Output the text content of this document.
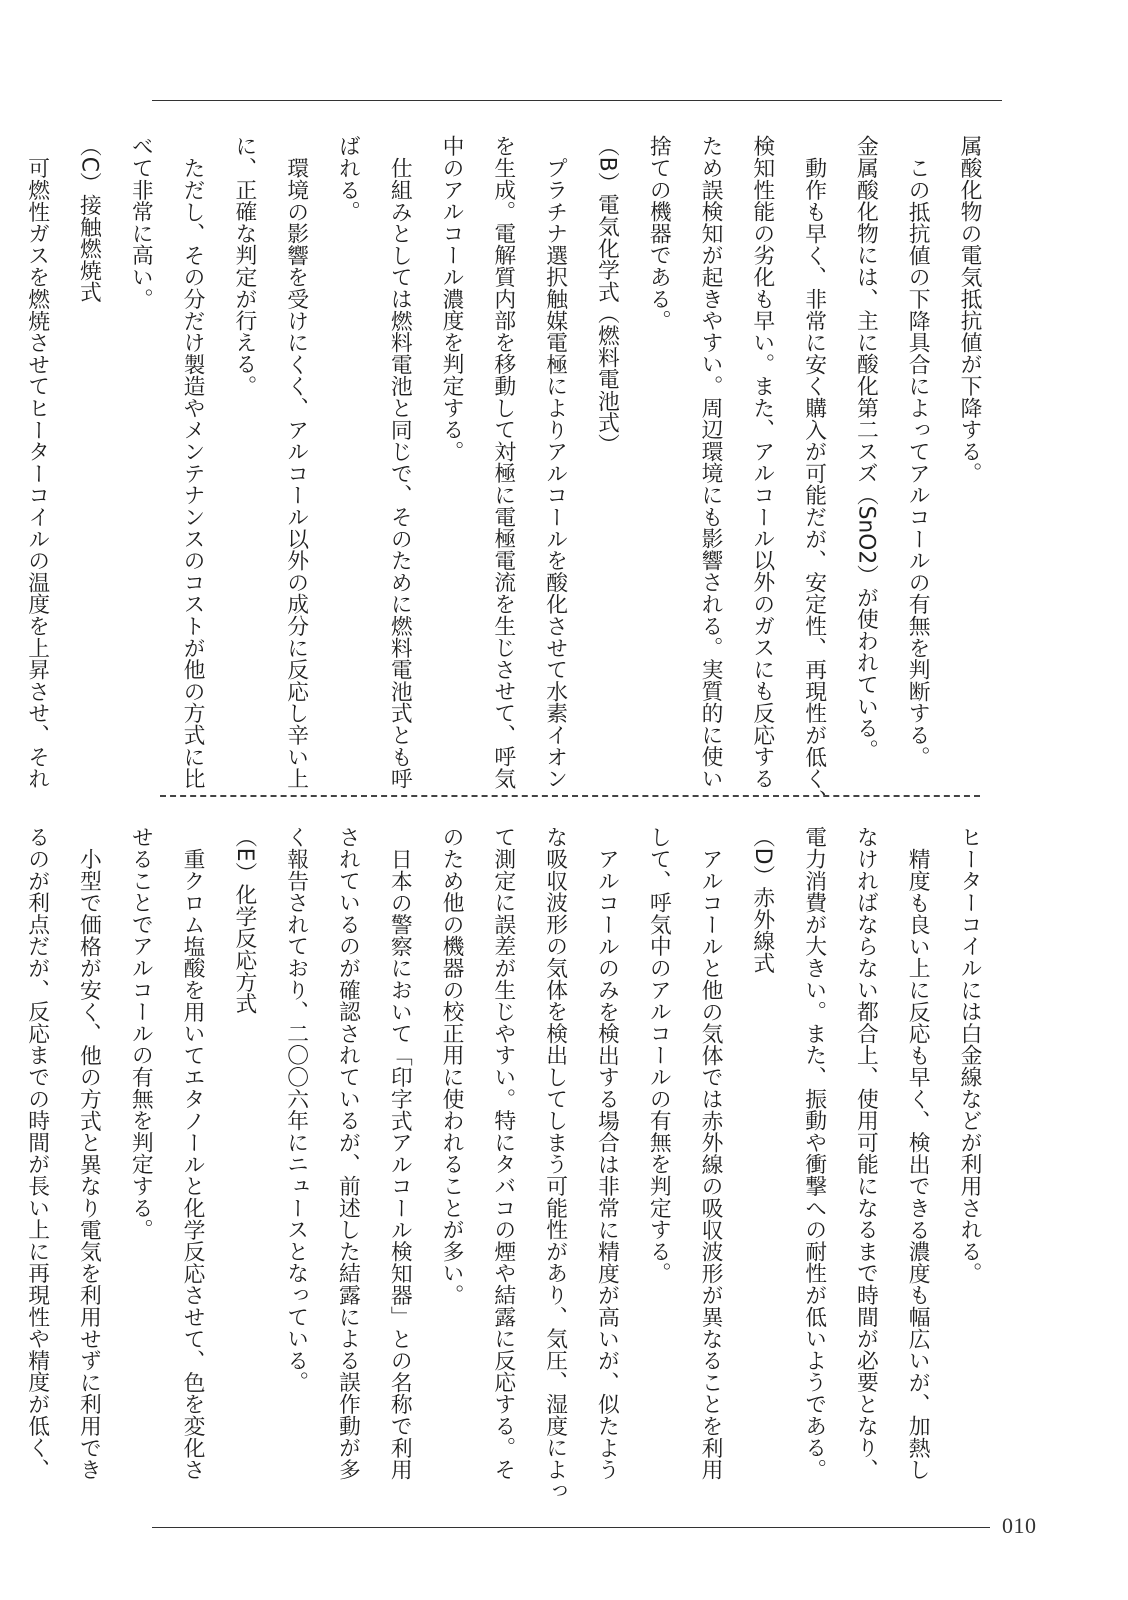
属酸化物の電気抵抗値が下降する。
この抵抗値の下降具合によってアルコールの有無を判断する。
金属酸化物には、主に酸化第二スズ（SnO2）が使われている。
動作も早く、非常に安く購入が可能だが、安定性、再現性が低く、
検知性能の劣化も早い。また、アルコール以外のガスにも反応する
ため誤検知が起きやすい。周辺環境にも影響される。実質的に使い
捨ての機器である。
（B）電気化学式（燃料電池式）
プラチナ選択触媒電極によりアルコールを酸化させて水素イオン
を生成。電解質内部を移動して対極に電極電流を生じさせて、呼気
中のアルコール濃度を判定する。
仕組みとしては燃料電池と同じで、そのために燃料電池式とも呼
ばれる。
環境の影響を受けにくく、アルコール以外の成分に反応し辛い上
に、正確な判定が行える。
ただし、その分だけ製造やメンテナンスのコストが他の方式に比
べて非常に高い。
（C）接触燃焼式
可燃性ガスを燃焼させてヒーターコイルの温度を上昇させ、それ
ヒーターコイルには白金線などが利用される。
精度も良い上に反応も早く、検出できる濃度も幅広いが、加熱し
なければならない都合上、使用可能になるまで時間が必要となり、
電力消費が大きい。また、振動や衝撃への耐性が低いようである。
（D）赤外線式
アルコールと他の気体では赤外線の吸収波形が異なることを利用
して、呼気中のアルコールの有無を判定する。
アルコールのみを検出する場合は非常に精度が高いが、似たよう
な吸収波形の気体を検出してしまう可能性があり、気圧、湿度によっ
て測定に誤差が生じやすい。特にタバコの煙や結露に反応する。そ
のため他の機器の校正用に使われることが多い。
日本の警察において「印字式アルコール検知器」との名称で利用
されているのが確認されているが、前述した結露による誤作動が多
く報告されており、二〇〇六年にニュースとなっている。
（E）化学反応方式
重クロム塩酸を用いてエタノールと化学反応させて、色を変化さ
せることでアルコールの有無を判定する。
小型で価格が安く、他の方式と異なり電気を利用せずに利用でき
るのが利点だが、反応までの時間が長い上に再現性や精度が低く、
010
